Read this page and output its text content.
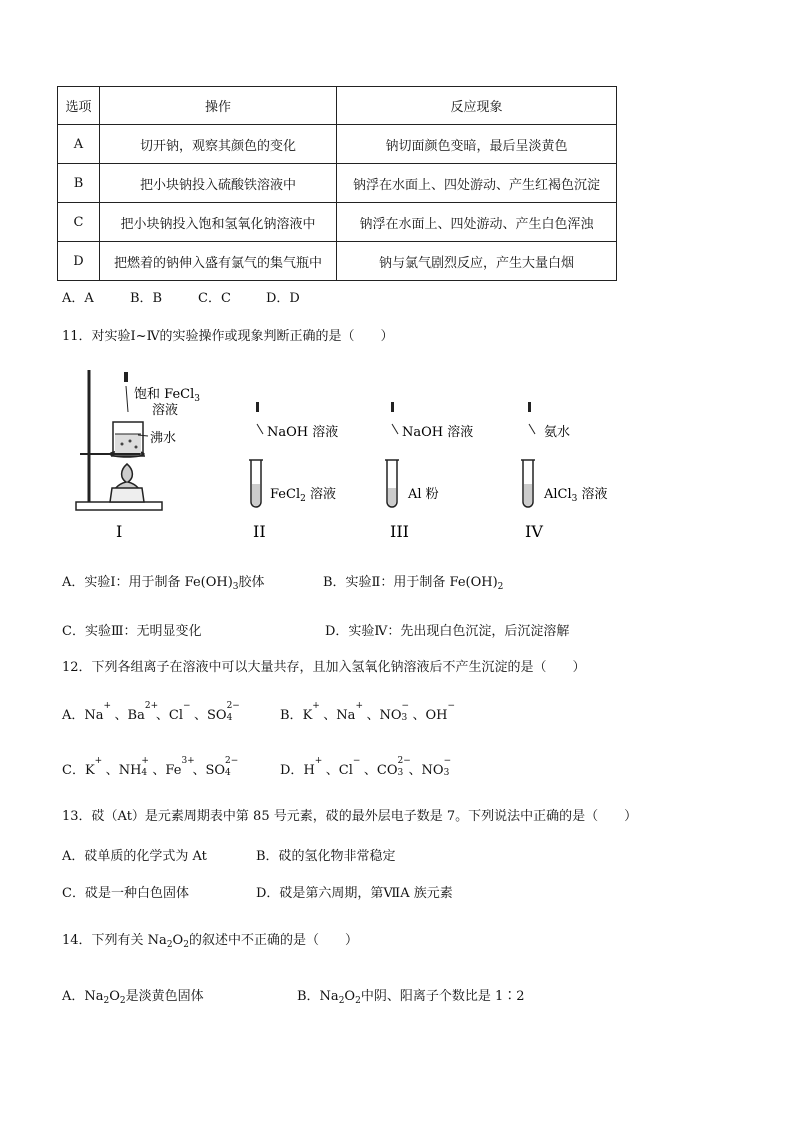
选项	操作	反应现象
A	切开钠，观察其颜色的变化	钠切面颜色变暗，最后呈淡黄色
B	把小块钠投入硫酸铁溶液中	钠浮在水面上、四处游动、产生红褐色沉淀
C	把小块钠投入饱和氢氧化钠溶液中	钠浮在水面上、四处游动、产生白色浑浊
D	把燃着的钠伸入盛有氯气的集气瓶中	钠与氯气剧烈反应，产生大量白烟
A．A	B．B	C．C	D．D
11．对实验Ⅰ~Ⅳ的实验操作或现象判断正确的是（　　）
饱和 FeCl$_3$
溶液
沸水
I
NaOH 溶液
FeCl$_2$ 溶液
II
NaOH 溶液
Al 粉
III
氨水
AlCl$_3$ 溶液
IV
A．实验Ⅰ：用于制备 $Fe(OH)_3$胶体	B．实验Ⅱ：用于制备 $Fe(OH)_2$
C．实验Ⅲ：无明显变化	D．实验Ⅳ：先出现白色沉淀，后沉淀溶解
12．下列各组离子在溶液中可以大量共存，且加入氢氧化钠溶液后不产生沉淀的是（　　）
A．Na
+
、Ba
2+
、Cl
−
、SO
2−
4	B．K
+
、Na
+
、NO
−
3 、OH
−
C．K
+
、NH
+
4 、Fe
3+
、SO
2−
4	D．H
+
、Cl
−
、CO
2−
3 、NO
−
3
13．砹（At）是元素周期表中第 85 号元素，砹的最外层电子数是 7。下列说法中正确的是（　　）
A．砹单质的化学式为 At	B．砹的氢化物非常稳定
C．砹是一种白色固体	D．砹是第六周期，第ⅦA 族元素
14．下列有关 $Na_2O_2$的叙述中不正确的是（　　）
A．$Na_2O_2$是淡黄色固体	B．$Na_2O_2$中阴、阳离子个数比是 1∶2
